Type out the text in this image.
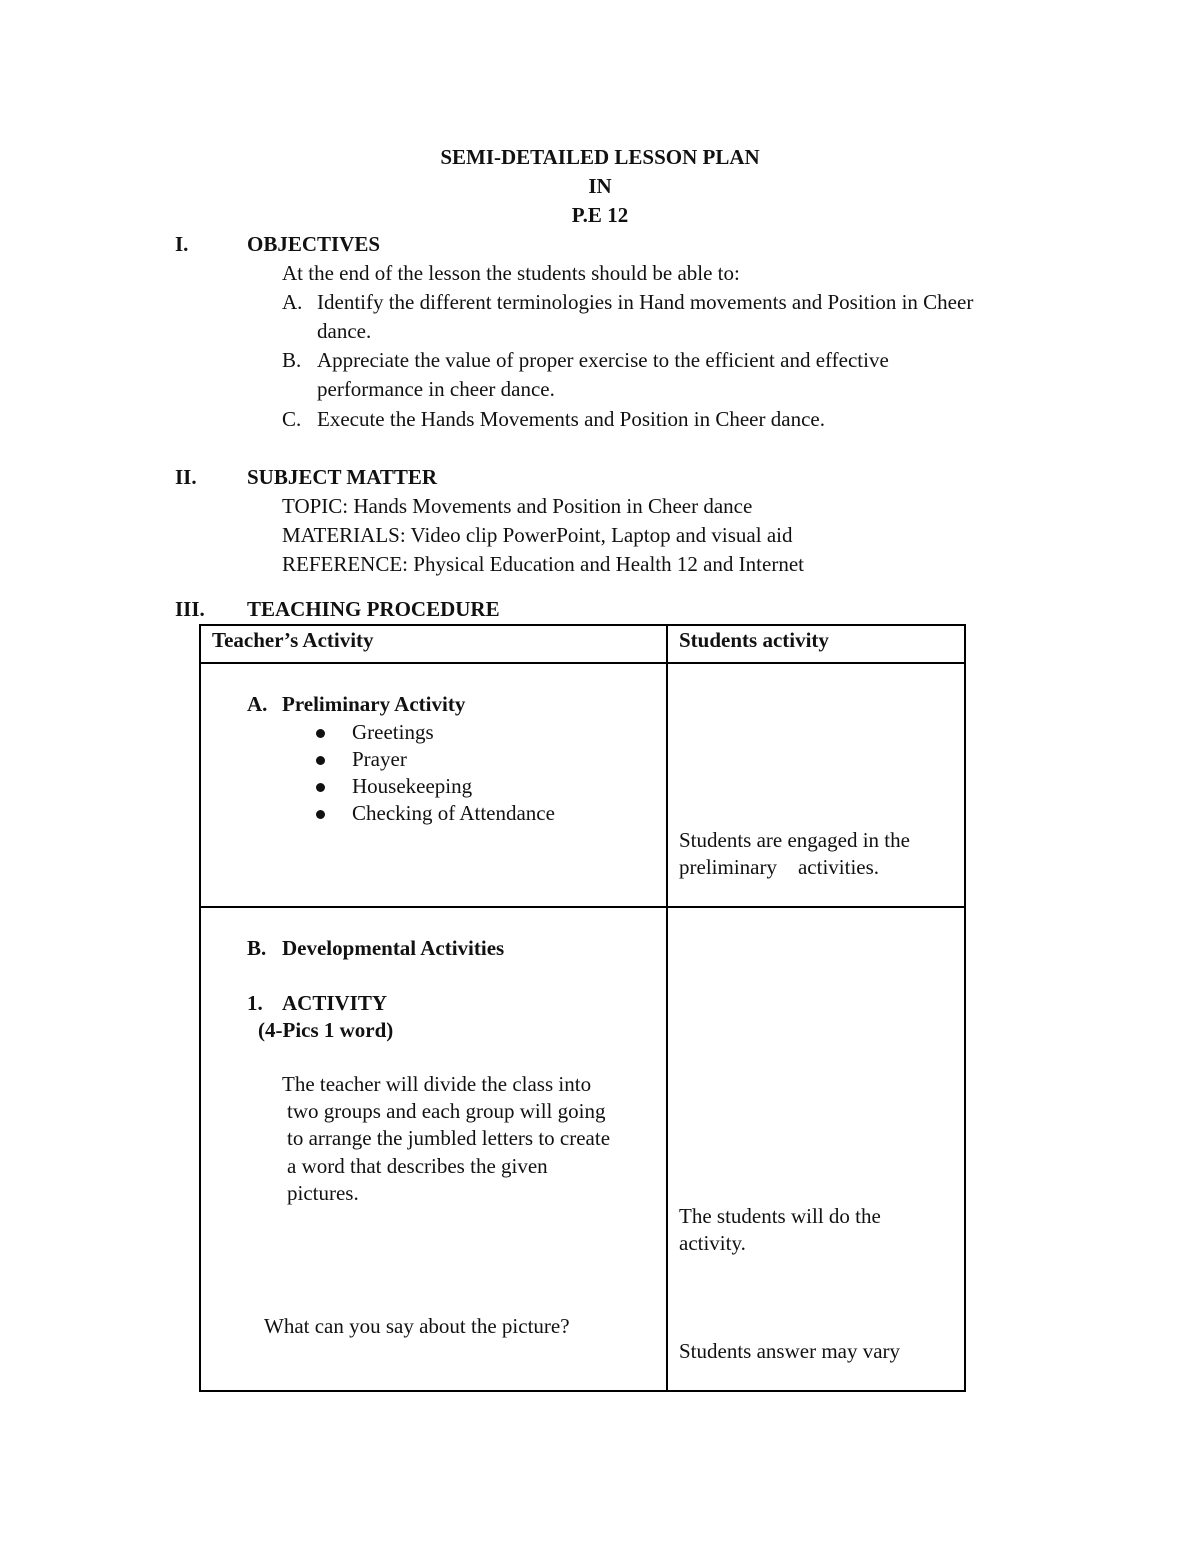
SEMI-DETAILED LESSON PLAN
IN
P.E 12
I.	OBJECTIVES
At the end of the lesson the students should be able to:
A. Identify the different terminologies in Hand movements and Position in Cheer
dance.
B. Appreciate the value of proper exercise to the efficient and effective
performance in cheer dance.
C. Execute the Hands Movements and Position in Cheer dance.
II. SUBJECT MATTER
TOPIC: Hands Movements and Position in Cheer dance
MATERIALS: Video clip PowerPoint, Laptop and visual aid
REFERENCE: Physical Education and Health 12 and Internet
III. TEACHING PROCEDURE
Teacher’s Activity	Students activity
A. Preliminary Activity
Greetings
Prayer
Housekeeping
Checking of Attendance
Students are engaged in the
preliminary    activities.
B. Developmental Activities
1. ACTIVITY
(4-Pics 1 word)
The teacher will divide the class into
two groups and each group will going
to arrange the jumbled letters to create
a word that describes the given
pictures.
The students will do the
activity.
What can you say about the picture?
Students answer may vary
